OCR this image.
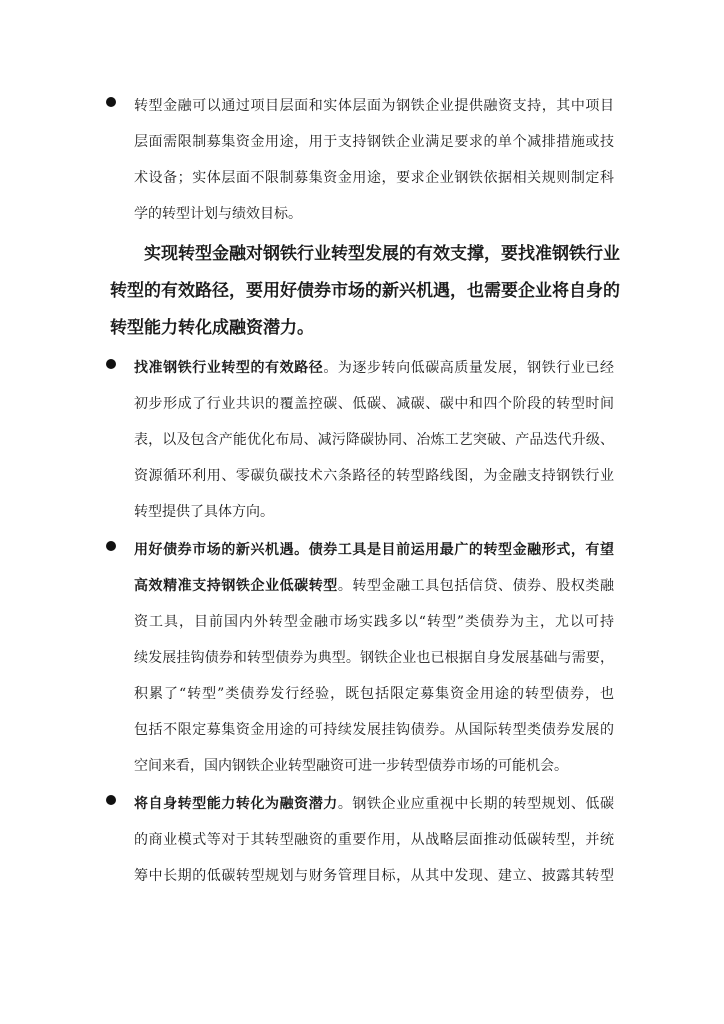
转型金融可以通过项目层面和实体层面为钢铁企业提供融资支持，其中项目
层面需限制募集资金用途，用于支持钢铁企业满足要求的单个减排措施或技
术设备；实体层面不限制募集资金用途，要求企业钢铁依据相关规则制定科
学的转型计划与绩效目标。
实现转型金融对钢铁行业转型发展的有效支撑，要找准钢铁行业
转型的有效路径，要用好债券市场的新兴机遇，也需要企业将自身的
转型能力转化成融资潜力。
找准钢铁行业转型的有效路径。为逐步转向低碳高质量发展，钢铁行业已经
初步形成了行业共识的覆盖控碳、低碳、减碳、碳中和四个阶段的转型时间
表，以及包含产能优化布局、减污降碳协同、冶炼工艺突破、产品迭代升级、
资源循环利用、零碳负碳技术六条路径的转型路线图，为金融支持钢铁行业
转型提供了具体方向。
用好债券市场的新兴机遇。债券工具是目前运用最广的转型金融形式，有望
高效精准支持钢铁企业低碳转型。转型金融工具包括信贷、债券、股权类融
资工具，目前国内外转型金融市场实践多以“转型”类债券为主，尤以可持
续发展挂钩债券和转型债券为典型。钢铁企业也已根据自身发展基础与需要，
积累了“转型”类债券发行经验，既包括限定募集资金用途的转型债券，也
包括不限定募集资金用途的可持续发展挂钩债券。从国际转型类债券发展的
空间来看，国内钢铁企业转型融资可进一步转型债券市场的可能机会。
将自身转型能力转化为融资潜力。钢铁企业应重视中长期的转型规划、低碳
的商业模式等对于其转型融资的重要作用，从战略层面推动低碳转型，并统
筹中长期的低碳转型规划与财务管理目标，从其中发现、建立、披露其转型
